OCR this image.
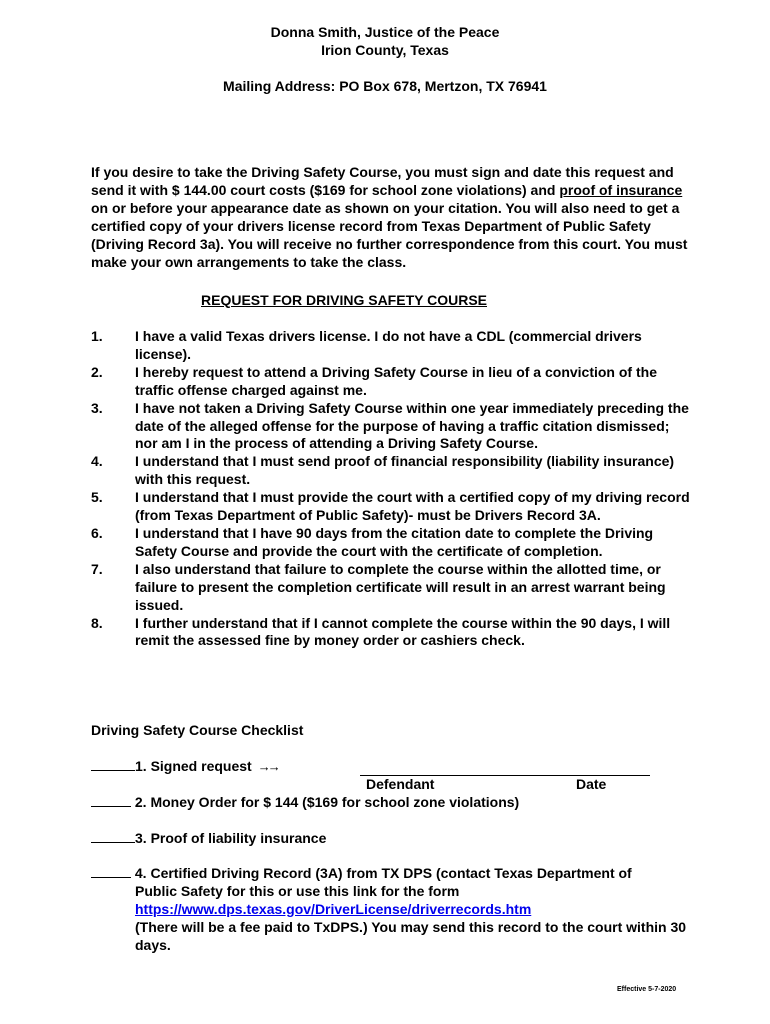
Donna Smith, Justice of the Peace
Irion County, Texas
Mailing Address: PO Box 678, Mertzon, TX 76941
If you desire to take the Driving Safety Course, you must sign and date this request and send it with $ 144.00 court costs ($169 for school zone violations) and proof of insurance on or before your appearance date as shown on your citation. You will also need to get a certified copy of your drivers license record from Texas Department of Public Safety (Driving Record 3a). You will receive no further correspondence from this court. You must make your own arrangements to take the class.
REQUEST FOR DRIVING SAFETY COURSE
1. I have a valid Texas drivers license. I do not have a CDL (commercial drivers license).
2. I hereby request to attend a Driving Safety Course in lieu of a conviction of the traffic offense charged against me.
3. I have not taken a Driving Safety Course within one year immediately preceding the date of the alleged offense for the purpose of having a traffic citation dismissed; nor am I in the process of attending a Driving Safety Course.
4. I understand that I must send proof of financial responsibility (liability insurance) with this request.
5. I understand that I must provide the court with a certified copy of my driving record (from Texas Department of Public Safety)- must be Drivers Record 3A.
6. I understand that I have 90 days from the citation date to complete the Driving Safety Course and provide the court with the certificate of completion.
7. I also understand that failure to complete the course within the allotted time, or failure to present the completion certificate will result in an arrest warrant being issued.
8. I further understand that if I cannot complete the course within the 90 days, I will remit the assessed fine by money order or cashiers check.
Driving Safety Course Checklist
1. Signed request →→
Defendant	Date
2. Money Order for $ 144 ($169 for school zone violations)
3. Proof of liability insurance
4. Certified Driving Record (3A) from TX DPS (contact Texas Department of
Public Safety for this or use this link for the form
https://www.dps.texas.gov/DriverLicense/driverrecords.htm
(There will be a fee paid to TxDPS.) You may send this record to the court within 30 days.
Effective 5-7-2020
